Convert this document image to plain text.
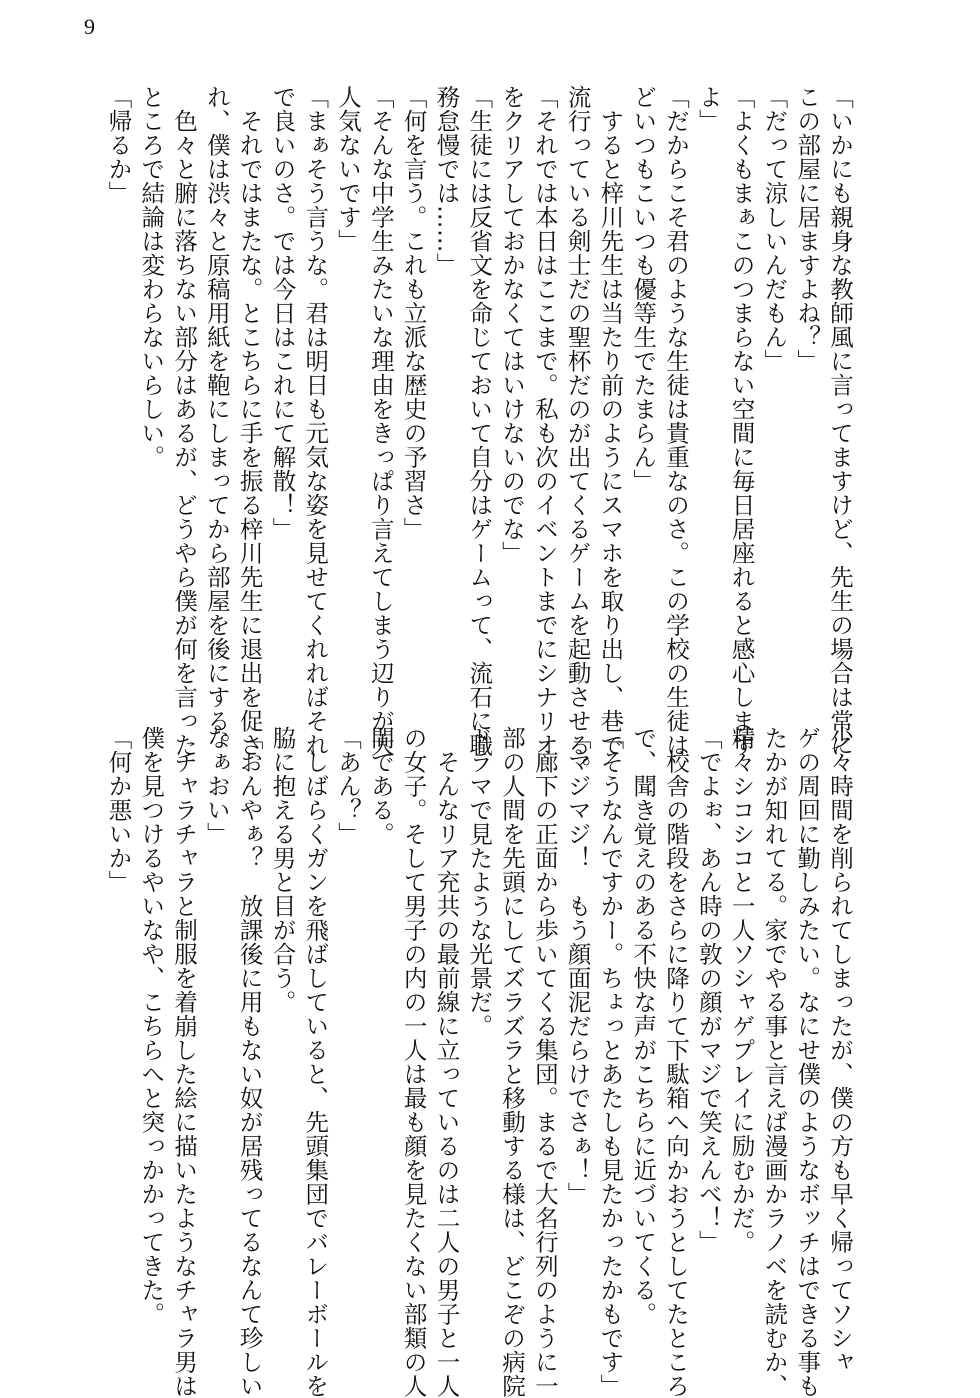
9
「いかにも親身な教師風に言ってますけど、先生の場合は常に
この部屋に居ますよね？」
「だって涼しいんだもん」
「よくもまぁこのつまらない空間に毎日居座れると感心します
よ」
「だからこそ君のような生徒は貴重なのさ。この学校の生徒は
どいつもこいつも優等生でたまらん」
　すると梓川先生は当たり前のようにスマホを取り出し、巷で
流行っている剣士だの聖杯だのが出てくるゲームを起動させる。
「それでは本日はここまで。私も次のイベントまでにシナリオ
をクリアしておかなくてはいけないのでな」
「生徒には反省文を命じておいて自分はゲームって、流石に職
務怠慢では……」
「何を言う。これも立派な歴史の予習さ」
「そんな中学生みたいな理由をきっぱり言えてしまう辺りが大
人気ないです」
「まぁそう言うな。君は明日も元気な姿を見せてくれればそれ
で良いのさ。では今日はこれにて解散！」
　それではまたな。とこちらに手を振る梓川先生に退出を促さ
れ、僕は渋々と原稿用紙を鞄にしまってから部屋を後にする。
　色々と腑に落ちない部分はあるが、どうやら僕が何を言った
ところで結論は変わらないらしい。
「帰るか」
少々時間を削られてしまったが、僕の方も早く帰ってソシャ
ゲの周回に勤しみたい。なにせ僕のようなボッチはできる事も
たかが知れてる。家でやる事と言えば漫画かラノベを読むか、
精々シコシコと一人ソシャゲプレイに励むかだ。
「でよぉ、あん時の敦の顔がマジで笑えんべ！」
　校舎の階段をさらに降りて下駄箱へ向かおうとしてたところ
で、聞き覚えのある不快な声がこちらに近づいてくる。
「そうなんですかー。ちょっとあたしも見たかったかもです」
「マジマジ！　もう顔面泥だらけでさぁ！」
　廊下の正面から歩いてくる集団。まるで大名行列のように一
部の人間を先頭にしてズラズラと移動する様は、どこぞの病院
ドラマで見たような光景だ。
　そんなリア充共の最前線に立っているのは二人の男子と一人
の女子。そして男子の内の一人は最も顔を見たくない部類の人
間である。
「あん？」
　しばらくガンを飛ばしていると、先頭集団でバレーボールを
脇に抱える男と目が合う。
「おんやぁ？　放課後に用もない奴が居残ってるなんて珍しい
なぁおい」
　チャラチャラと制服を着崩した絵に描いたようなチャラ男は
僕を見つけるやいなや、こちらへと突っかかってきた。
「何か悪いか」
